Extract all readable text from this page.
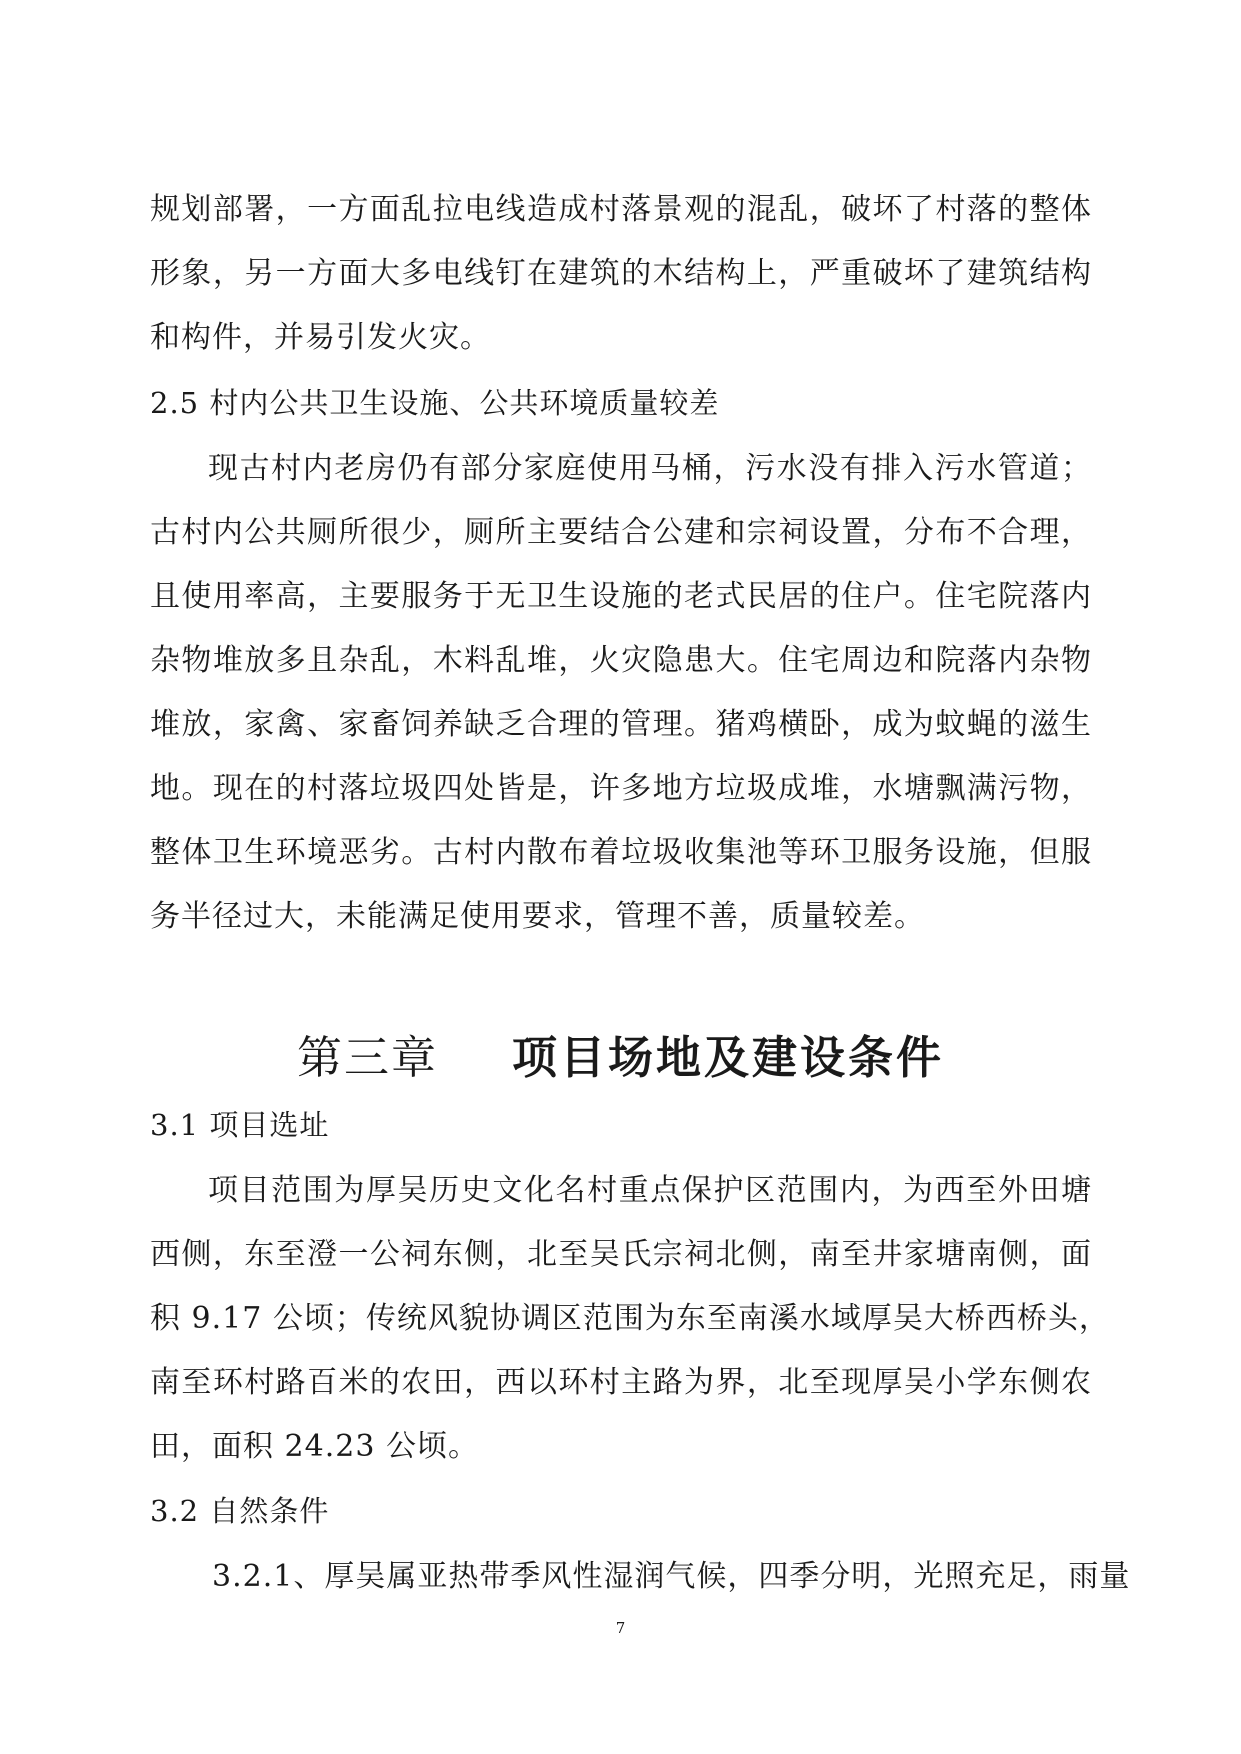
规划部署，一方面乱拉电线造成村落景观的混乱，破坏了村落的整体
形象，另一方面大多电线钉在建筑的木结构上，严重破坏了建筑结构
和构件，并易引发火灾。
2.5 村内公共卫生设施、公共环境质量较差
现古村内老房仍有部分家庭使用马桶，污水没有排入污水管道；
古村内公共厕所很少，厕所主要结合公建和宗祠设置，分布不合理，
且使用率高，主要服务于无卫生设施的老式民居的住户。住宅院落内
杂物堆放多且杂乱，木料乱堆，火灾隐患大。住宅周边和院落内杂物
堆放，家禽、家畜饲养缺乏合理的管理。猪鸡横卧，成为蚊蝇的滋生
地。现在的村落垃圾四处皆是，许多地方垃圾成堆，水塘飘满污物，
整体卫生环境恶劣。古村内散布着垃圾收集池等环卫服务设施，但服
务半径过大，未能满足使用要求，管理不善，质量较差。
第三章 项目场地及建设条件
3.1 项目选址
项目范围为厚吴历史文化名村重点保护区范围内，为西至外田塘
西侧，东至澄一公祠东侧，北至吴氏宗祠北侧，南至井家塘南侧，面
积 9.17 公顷；传统风貌协调区范围为东至南溪水域厚吴大桥西桥头，
南至环村路百米的农田，西以环村主路为界，北至现厚吴小学东侧农
田，面积 24.23 公顷。
3.2 自然条件
3.2.1、厚吴属亚热带季风性湿润气候，四季分明，光照充足，雨量
7
